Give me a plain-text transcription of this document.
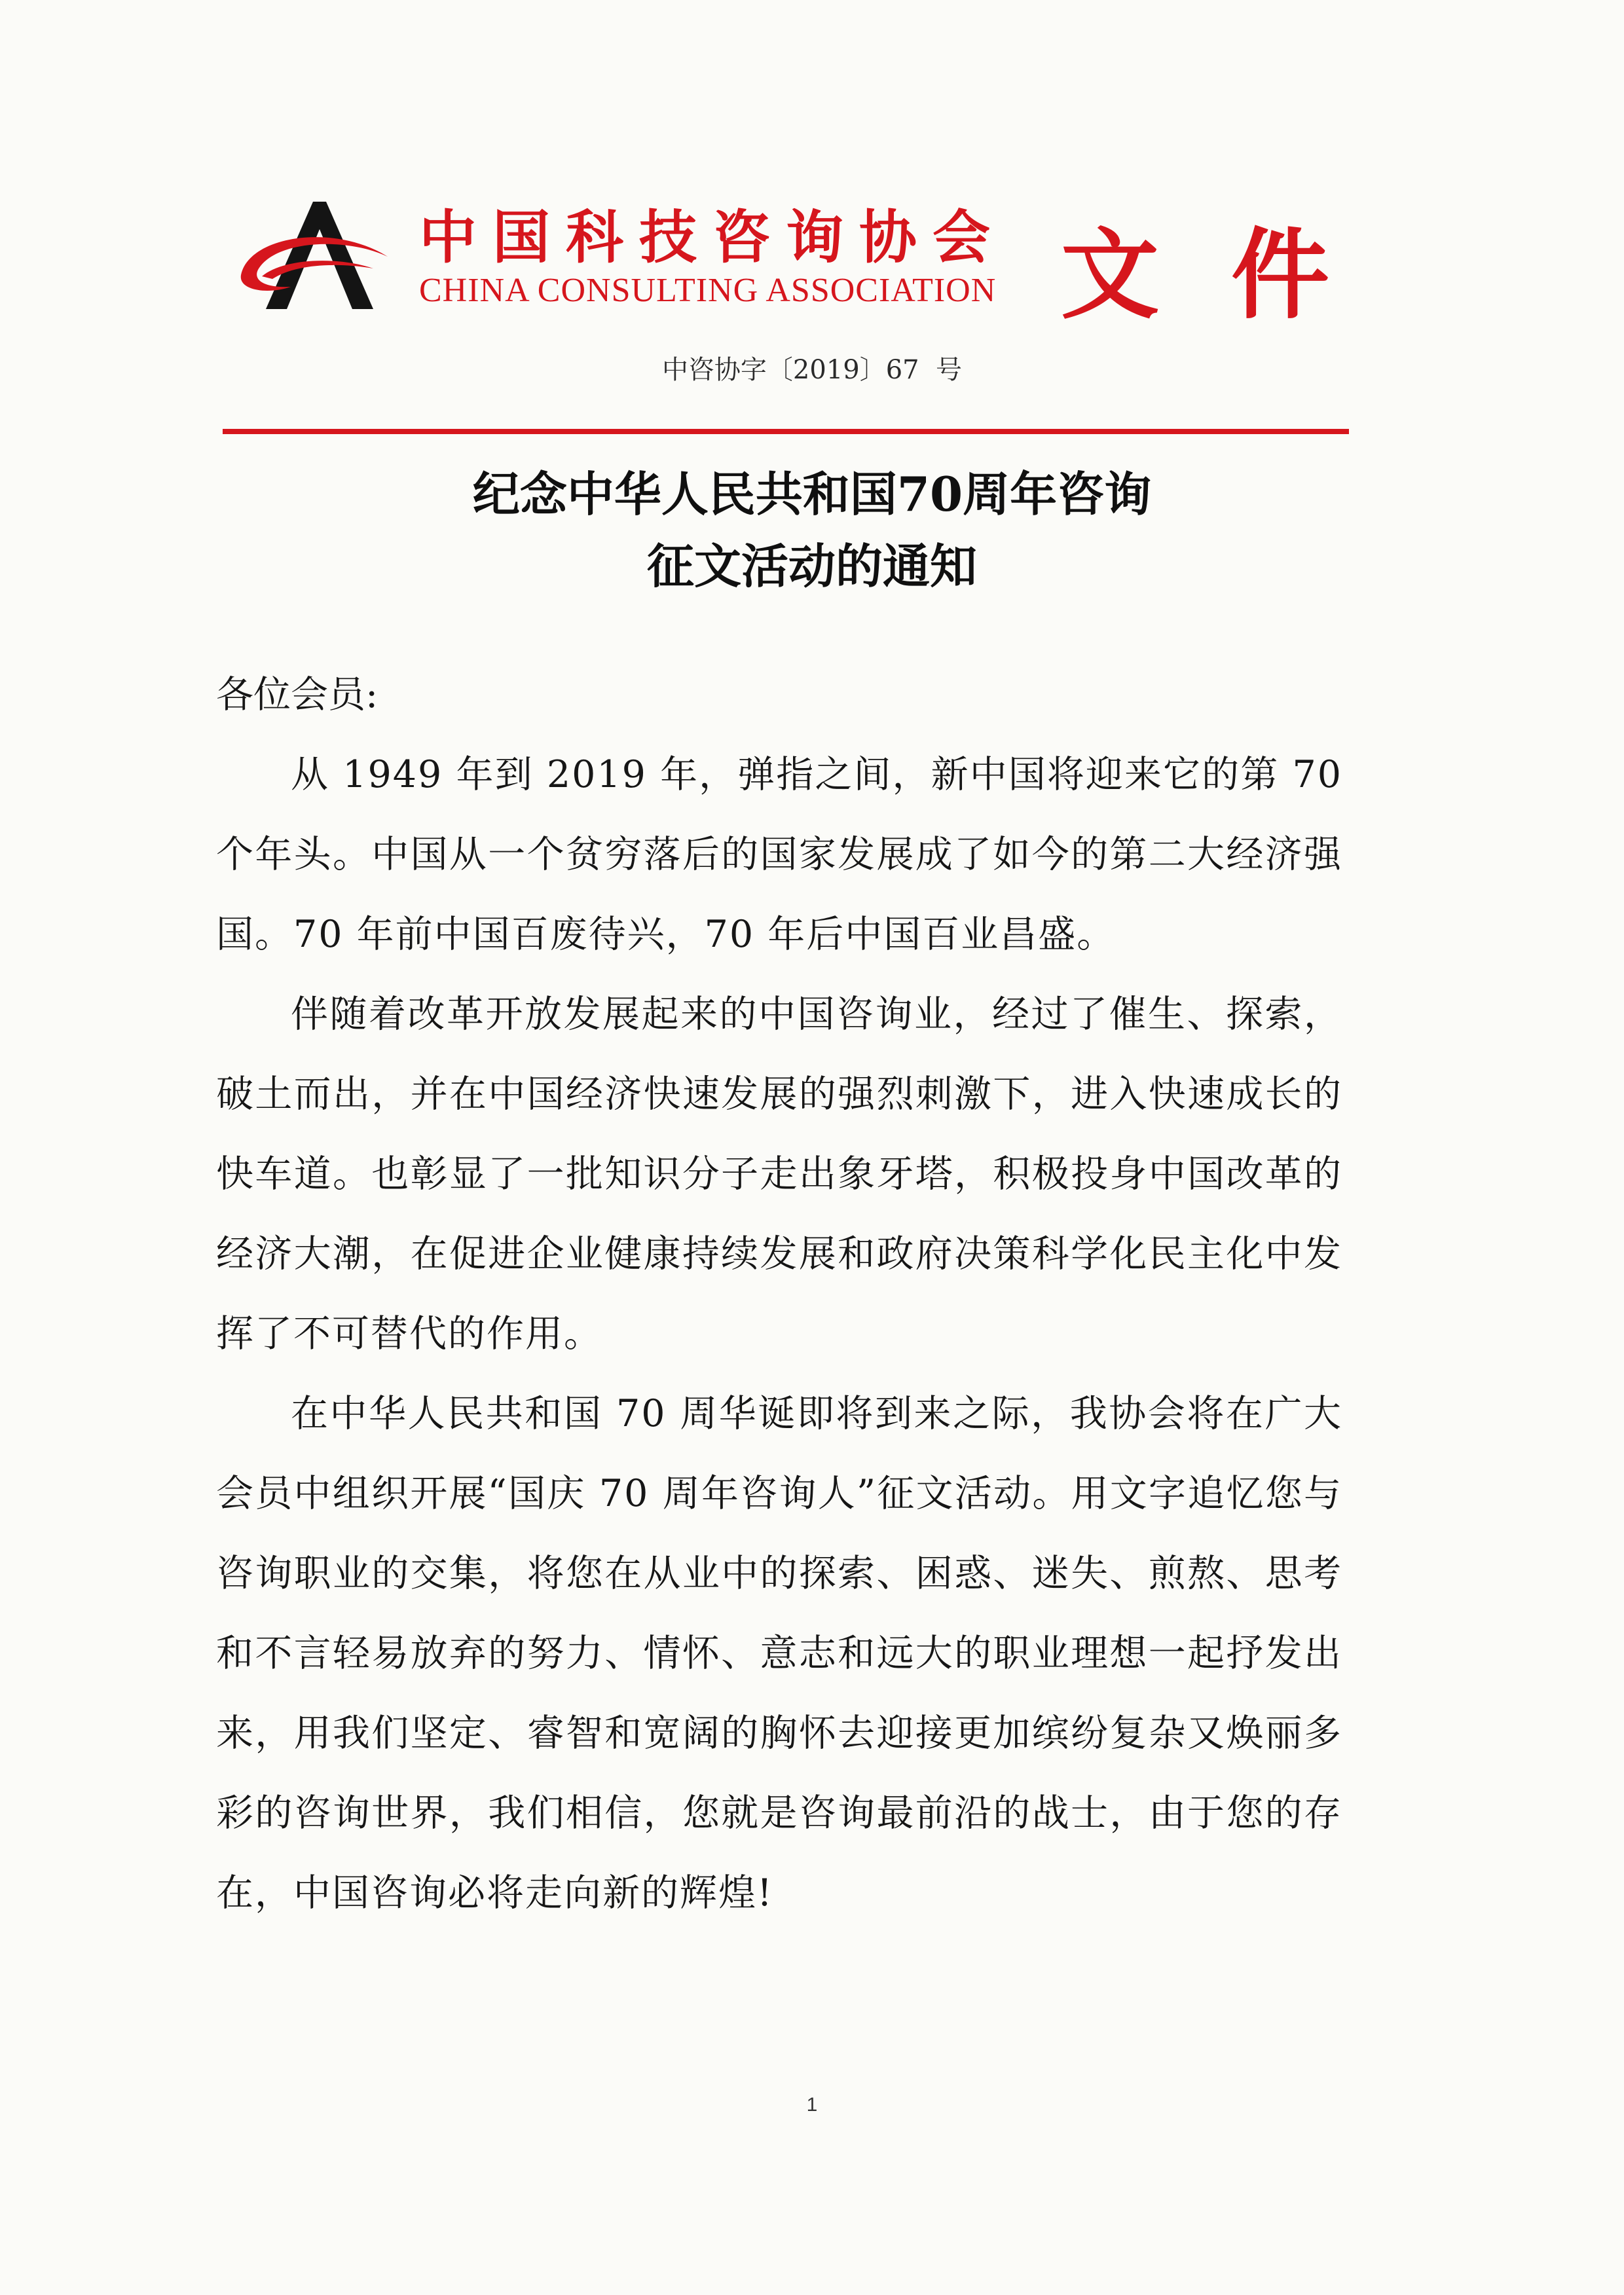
中国科技咨询协会
CHINA CONSULTING ASSOCIATION 文件
中咨协字〔2019〕67  号
纪念中华人民共和国70周年咨询
征文活动的通知

各位会员:

从 1949 年到 2019 年，弹指之间，新中国将迎来它的第 70 个年头。中国从一个贫穷落后的国家发展成了如今的第二大经济强国。70 年前中国百废待兴，70 年后中国百业昌盛。

伴随着改革开放发展起来的中国咨询业，经过了催生、探索，破土而出，并在中国经济快速发展的强烈刺激下，进入快速成长的快车道。也彰显了一批知识分子走出象牙塔，积极投身中国改革的经济大潮，在促进企业健康持续发展和政府决策科学化民主化中发挥了不可替代的作用。

在中华人民共和国 70 周华诞即将到来之际，我协会将在广大会员中组织开展“国庆 70 周年咨询人”征文活动。用文字追忆您与咨询职业的交集，将您在从业中的探索、困惑、迷失、煎熬、思考和不言轻易放弃的努力、情怀、意志和远大的职业理想一起抒发出来，用我们坚定、睿智和宽阔的胸怀去迎接更加缤纷复杂又焕丽多彩的咨询世界，我们相信，您就是咨询最前沿的战士，由于您的存在，中国咨询必将走向新的辉煌!

1
